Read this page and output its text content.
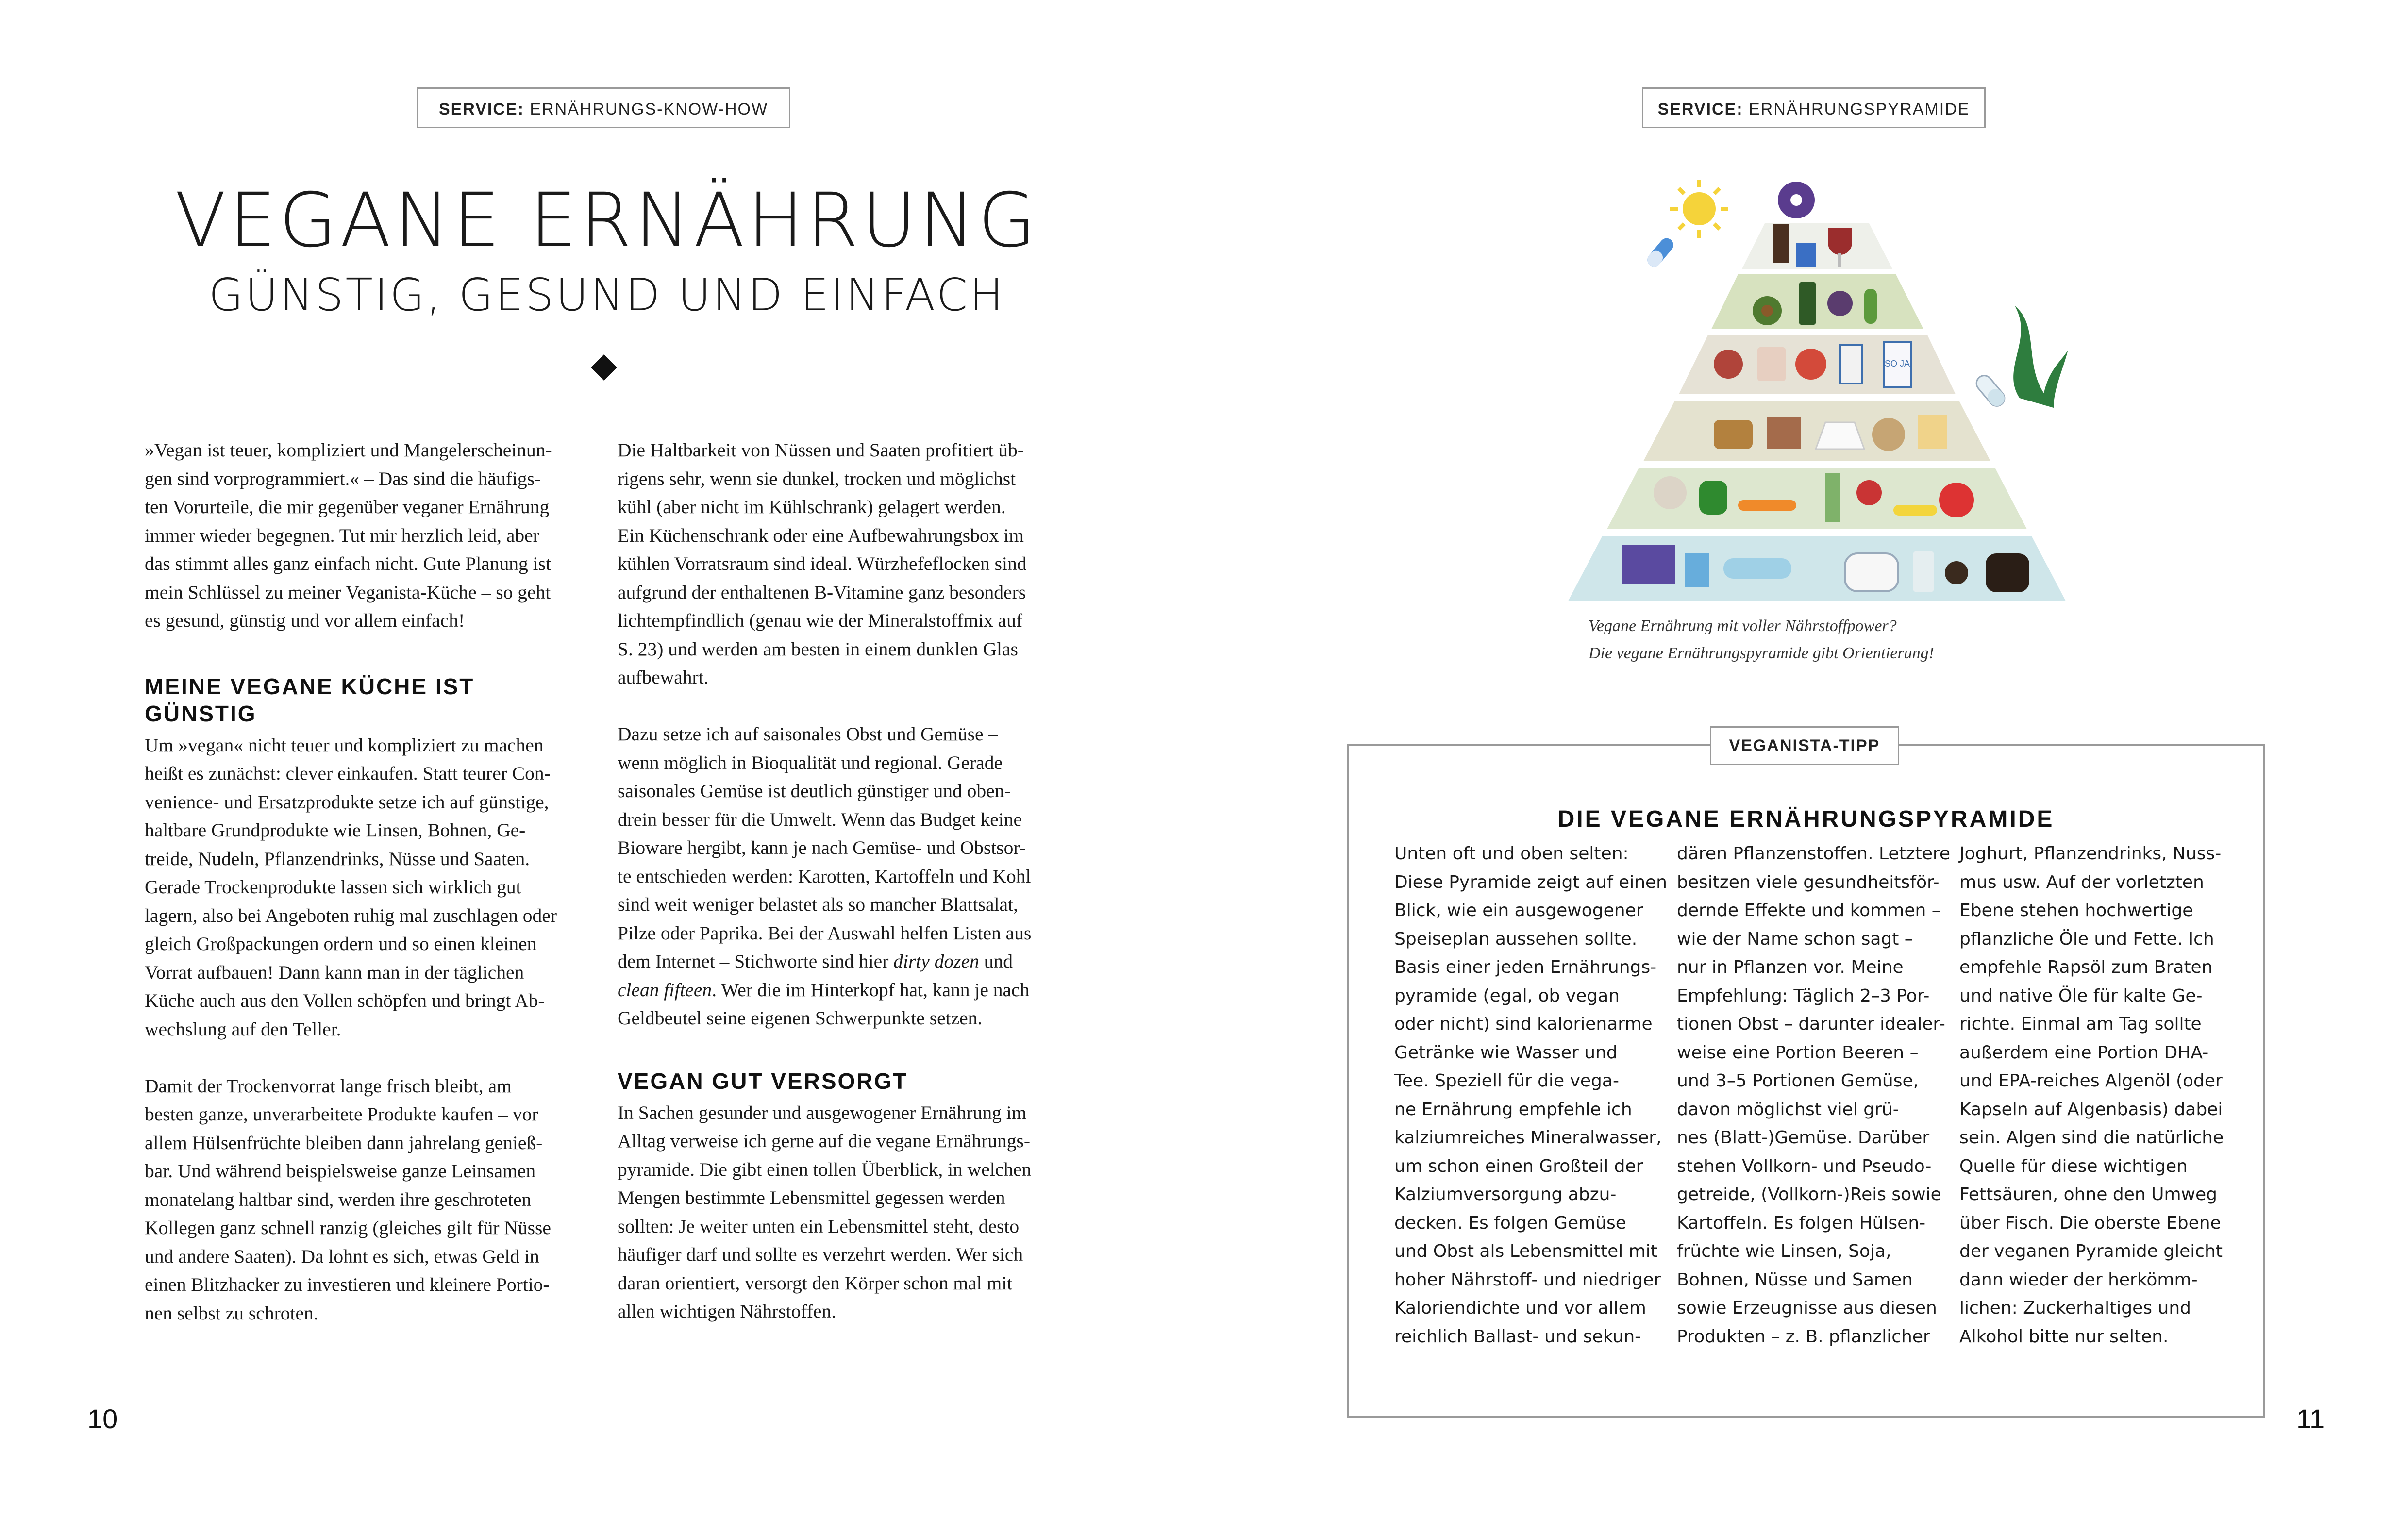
SERVICE: ERNÄHRUNGS-KNOW-HOW
VEGANE ERNÄHRUNG
GÜNSTIG, GESUND UND EINFACH
»Vegan ist teuer, kompliziert und Mangelerscheinun-
gen sind vorprogrammiert.« – Das sind die häufigs-
ten Vorurteile, die mir gegenüber veganer Ernährung
immer wieder begegnen. Tut mir herzlich leid, aber
das stimmt alles ganz einfach nicht. Gute Planung ist
mein Schlüssel zu meiner Veganista-Küche – so geht
es gesund, günstig und vor allem einfach!
MEINE VEGANE KÜCHE IST
GÜNSTIG
Um »vegan« nicht teuer und kompliziert zu machen
heißt es zunächst: clever einkaufen. Statt teurer Con-
venience- und Ersatzprodukte setze ich auf günstige,
haltbare Grundprodukte wie Linsen, Bohnen, Ge-
treide, Nudeln, Pflanzendrinks, Nüsse und Saaten.
Gerade Trockenprodukte lassen sich wirklich gut
lagern, also bei Angeboten ruhig mal zuschlagen oder
gleich Großpackungen ordern und so einen kleinen
Vorrat aufbauen! Dann kann man in der täglichen
Küche auch aus den Vollen schöpfen und bringt Ab-
wechslung auf den Teller.
Damit der Trockenvorrat lange frisch bleibt, am
besten ganze, unverarbeitete Produkte kaufen – vor
allem Hülsenfrüchte bleiben dann jahrelang genieß-
bar. Und während beispielsweise ganze Leinsamen
monatelang haltbar sind, werden ihre geschroteten
Kollegen ganz schnell ranzig (gleiches gilt für Nüsse
und andere Saaten). Da lohnt es sich, etwas Geld in
einen Blitzhacker zu investieren und kleinere Portio-
nen selbst zu schroten.
Die Haltbarkeit von Nüssen und Saaten profitiert üb-
rigens sehr, wenn sie dunkel, trocken und möglichst
kühl (aber nicht im Kühlschrank) gelagert werden.
Ein Küchenschrank oder eine Aufbewahrungsbox im
kühlen Vorratsraum sind ideal. Würzhefeflocken sind
aufgrund der enthaltenen B-Vitamine ganz besonders
lichtempfindlich (genau wie der Mineralstoffmix auf
S. 23) und werden am besten in einem dunklen Glas
aufbewahrt.
Dazu setze ich auf saisonales Obst und Gemüse –
wenn möglich in Bioqualität und regional. Gerade
saisonales Gemüse ist deutlich günstiger und oben-
drein besser für die Umwelt. Wenn das Budget keine
Bioware hergibt, kann je nach Gemüse- und Obstsor-
te entschieden werden: Karotten, Kartoffeln und Kohl
sind weit weniger belastet als so mancher Blattsalat,
Pilze oder Paprika. Bei der Auswahl helfen Listen aus
dem Internet – Stichworte sind hier dirty dozen und
clean fifteen. Wer die im Hinterkopf hat, kann je nach
Geldbeutel seine eigenen Schwerpunkte setzen.
VEGAN GUT VERSORGT
In Sachen gesunder und ausgewogener Ernährung im
Alltag verweise ich gerne auf die vegane Ernährungs-
pyramide. Die gibt einen tollen Überblick, in welchen
Mengen bestimmte Lebensmittel gegessen werden
sollten: Je weiter unten ein Lebensmittel steht, desto
häufiger darf und sollte es verzehrt werden. Wer sich
daran orientiert, versorgt den Körper schon mal mit
allen wichtigen Nährstoffen.
10
SERVICE: ERNÄHRUNGSPYRAMIDE
SO JA
Vegane Ernährung mit voller Nährstoffpower?
Die vegane Ernährungspyramide gibt Orientierung!
VEGANISTA-TIPP
DIE VEGANE ERNÄHRUNGSPYRAMIDE
Unten oft und oben selten:
Diese Pyramide zeigt auf einen
Blick, wie ein ausgewogener
Speiseplan aussehen sollte.
Basis einer jeden Ernährungs-
pyramide (egal, ob vegan
oder nicht) sind kalorienarme
Getränke wie Wasser und
Tee. Speziell für die vega-
ne Ernährung empfehle ich
kalziumreiches Mineralwasser,
um schon einen Großteil der
Kalziumversorgung abzu-
decken. Es folgen Gemüse
und Obst als Lebensmittel mit
hoher Nährstoff- und niedriger
Kaloriendichte und vor allem
reichlich Ballast- und sekun-
dären Pflanzenstoffen. Letztere
besitzen viele gesundheitsför-
dernde Effekte und kommen –
wie der Name schon sagt –
nur in Pflanzen vor. Meine
Empfehlung: Täglich 2–3 Por-
tionen Obst – darunter idealer-
weise eine Portion Beeren –
und 3–5 Portionen Gemüse,
davon möglichst viel grü-
nes (Blatt-)Gemüse. Darüber
stehen Vollkorn- und Pseudo-
getreide, (Vollkorn-)Reis sowie
Kartoffeln. Es folgen Hülsen-
früchte wie Linsen, Soja,
Bohnen, Nüsse und Samen
sowie Erzeugnisse aus diesen
Produkten – z. B. pflanzlicher
Joghurt, Pflanzendrinks, Nuss-
mus usw. Auf der vorletzten
Ebene stehen hochwertige
pflanzliche Öle und Fette. Ich
empfehle Rapsöl zum Braten
und native Öle für kalte Ge-
richte. Einmal am Tag sollte
außerdem eine Portion DHA-
und EPA-reiches Algenöl (oder
Kapseln auf Algenbasis) dabei
sein. Algen sind die natürliche
Quelle für diese wichtigen
Fettsäuren, ohne den Umweg
über Fisch. Die oberste Ebene
der veganen Pyramide gleicht
dann wieder der herkömm-
lichen: Zuckerhaltiges und
Alkohol bitte nur selten.
11
